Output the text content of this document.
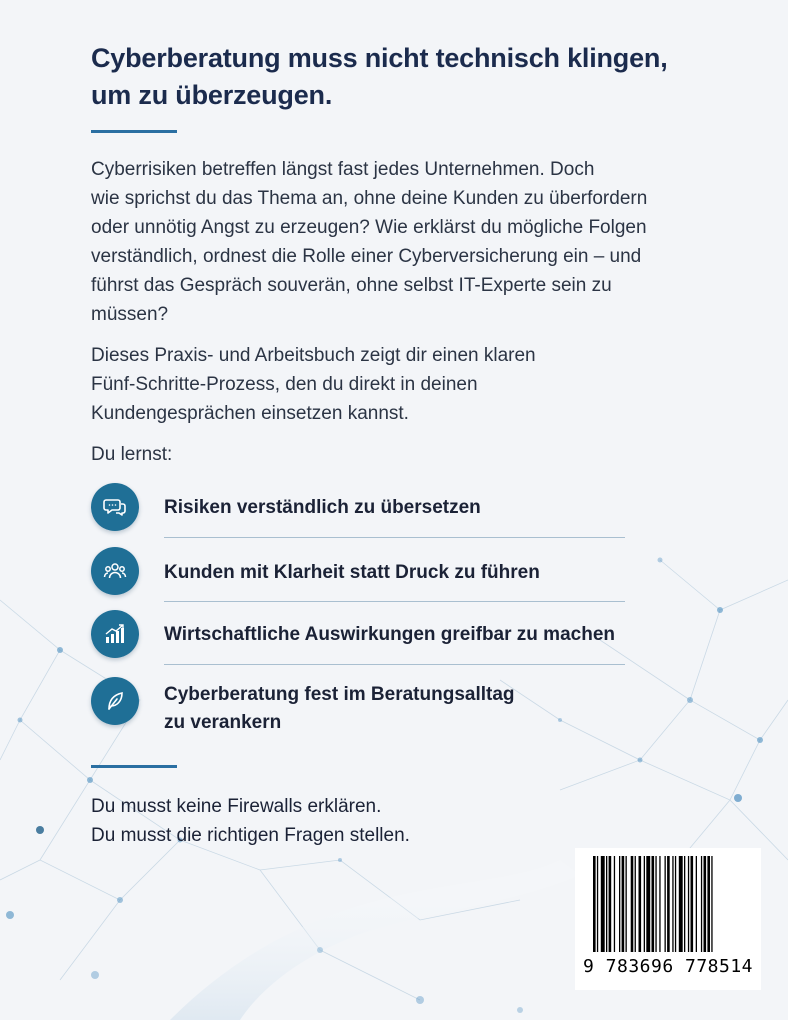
Cyberberatung muss nicht technisch klingen,
um zu überzeugen.
Cyberrisiken betreffen längst fast jedes Unternehmen. Doch
wie sprichst du das Thema an, ohne deine Kunden zu überfordern
oder unnötig Angst zu erzeugen? Wie erklärst du mögliche Folgen
verständlich, ordnest die Rolle einer Cyberversicherung ein – und
führst das Gespräch souverän, ohne selbst IT-Experte sein zu
müssen?
Dieses Praxis- und Arbeitsbuch zeigt dir einen klaren
Fünf-Schritte-Prozess, den du direkt in deinen
Kundengesprächen einsetzen kannst.
Du lernst:
Risiken verständlich zu übersetzen
Kunden mit Klarheit statt Druck zu führen
Wirtschaftliche Auswirkungen greifbar zu machen
Cyberberatung fest im Beratungsalltag
zu verankern
Du musst keine Firewalls erklären.
Du musst die richtigen Fragen stellen.
9 783696 778514
